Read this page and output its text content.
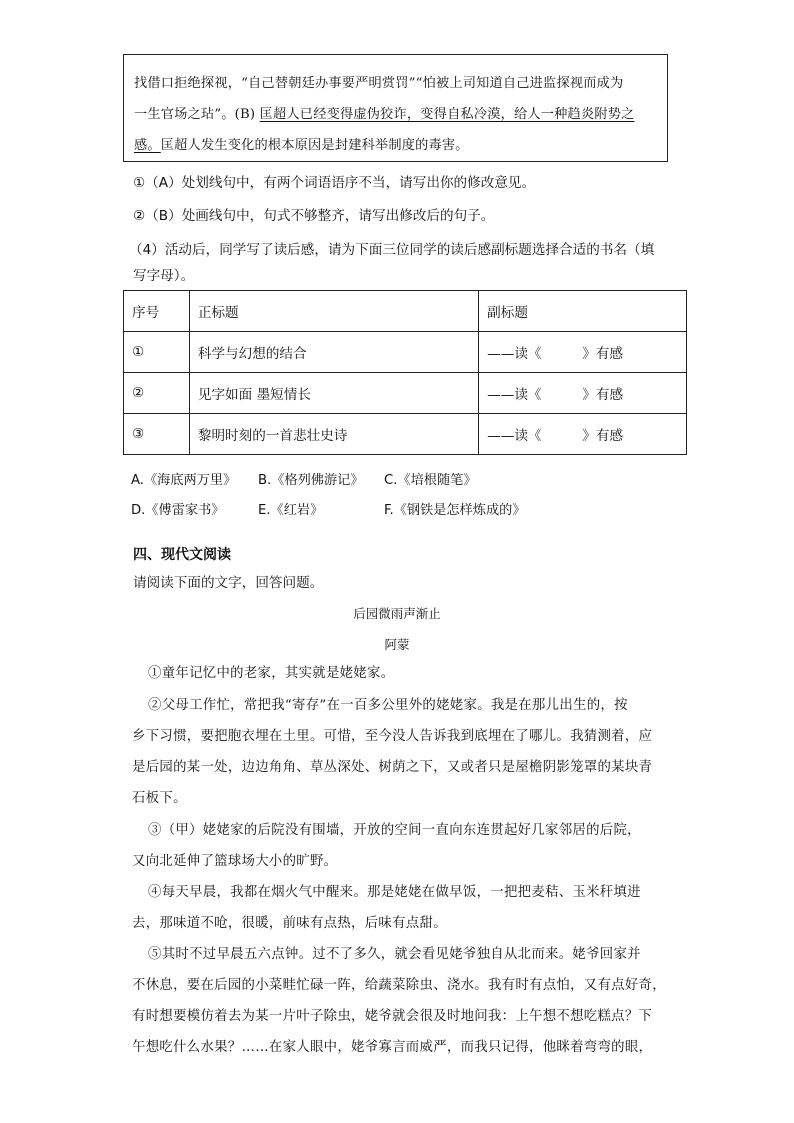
找借口拒绝探视，“自己替朝廷办事要严明赏罚”“怕被上司知道自己进监探视而成为
一生官场之玷”。(B) 匡超人已经变得虚伪狡诈，变得自私冷漠，给人一种趋炎附势之
感。匡超人发生变化的根本原因是封建科举制度的毒害。
①（A）处划线句中，有两个词语语序不当，请写出你的修改意见。
②（B）处画线句中，句式不够整齐，请写出修改后的句子。
（4）活动后，同学写了读后感，请为下面三位同学的读后感副标题选择合适的书名（填
写字母）。
序号	正标题	副标题
①	科学与幻想的结合	——读《　　　》有感
②	见字如面 墨短情长	——读《　　　》有感
③	黎明时刻的一首悲壮史诗	——读《　　　》有感
A.《海底两万里》 B.《格列佛游记》 C.《培根随笔》
D.《傅雷家书》	E.《红岩》	F.《钢铁是怎样炼成的》
四、现代文阅读
请阅读下面的文字，回答问题。
后园微雨声渐止
阿蒙
①童年记忆中的老家，其实就是姥姥家。
②父母工作忙，常把我“寄存”在一百多公里外的姥姥家。我是在那儿出生的，按
乡下习惯，要把胞衣埋在土里。可惜，至今没人告诉我到底埋在了哪儿。我猜测着，应
是后园的某一处，边边角角、草丛深处、树荫之下，又或者只是屋檐阴影笼罩的某块青
石板下。
③（甲）姥姥家的后院没有围墙，开放的空间一直向东连贯起好几家邻居的后院，
又向北延伸了篮球场大小的旷野。
④每天早晨，我都在烟火气中醒来。那是姥姥在做早饭，一把把麦秸、玉米秆填进
去，那味道不呛，很暖，前味有点热，后味有点甜。
⑤其时不过早晨五六点钟。过不了多久，就会看见姥爷独自从北而来。姥爷回家并
不休息，要在后园的小菜畦忙碌一阵，给蔬菜除虫、浇水。我有时有点怕，又有点好奇，
有时想要模仿着去为某一片叶子除虫，姥爷就会很及时地问我：上午想不想吃糕点？下
午想吃什么水果？……在家人眼中，姥爷寡言而威严，而我只记得，他眯着弯弯的眼，
